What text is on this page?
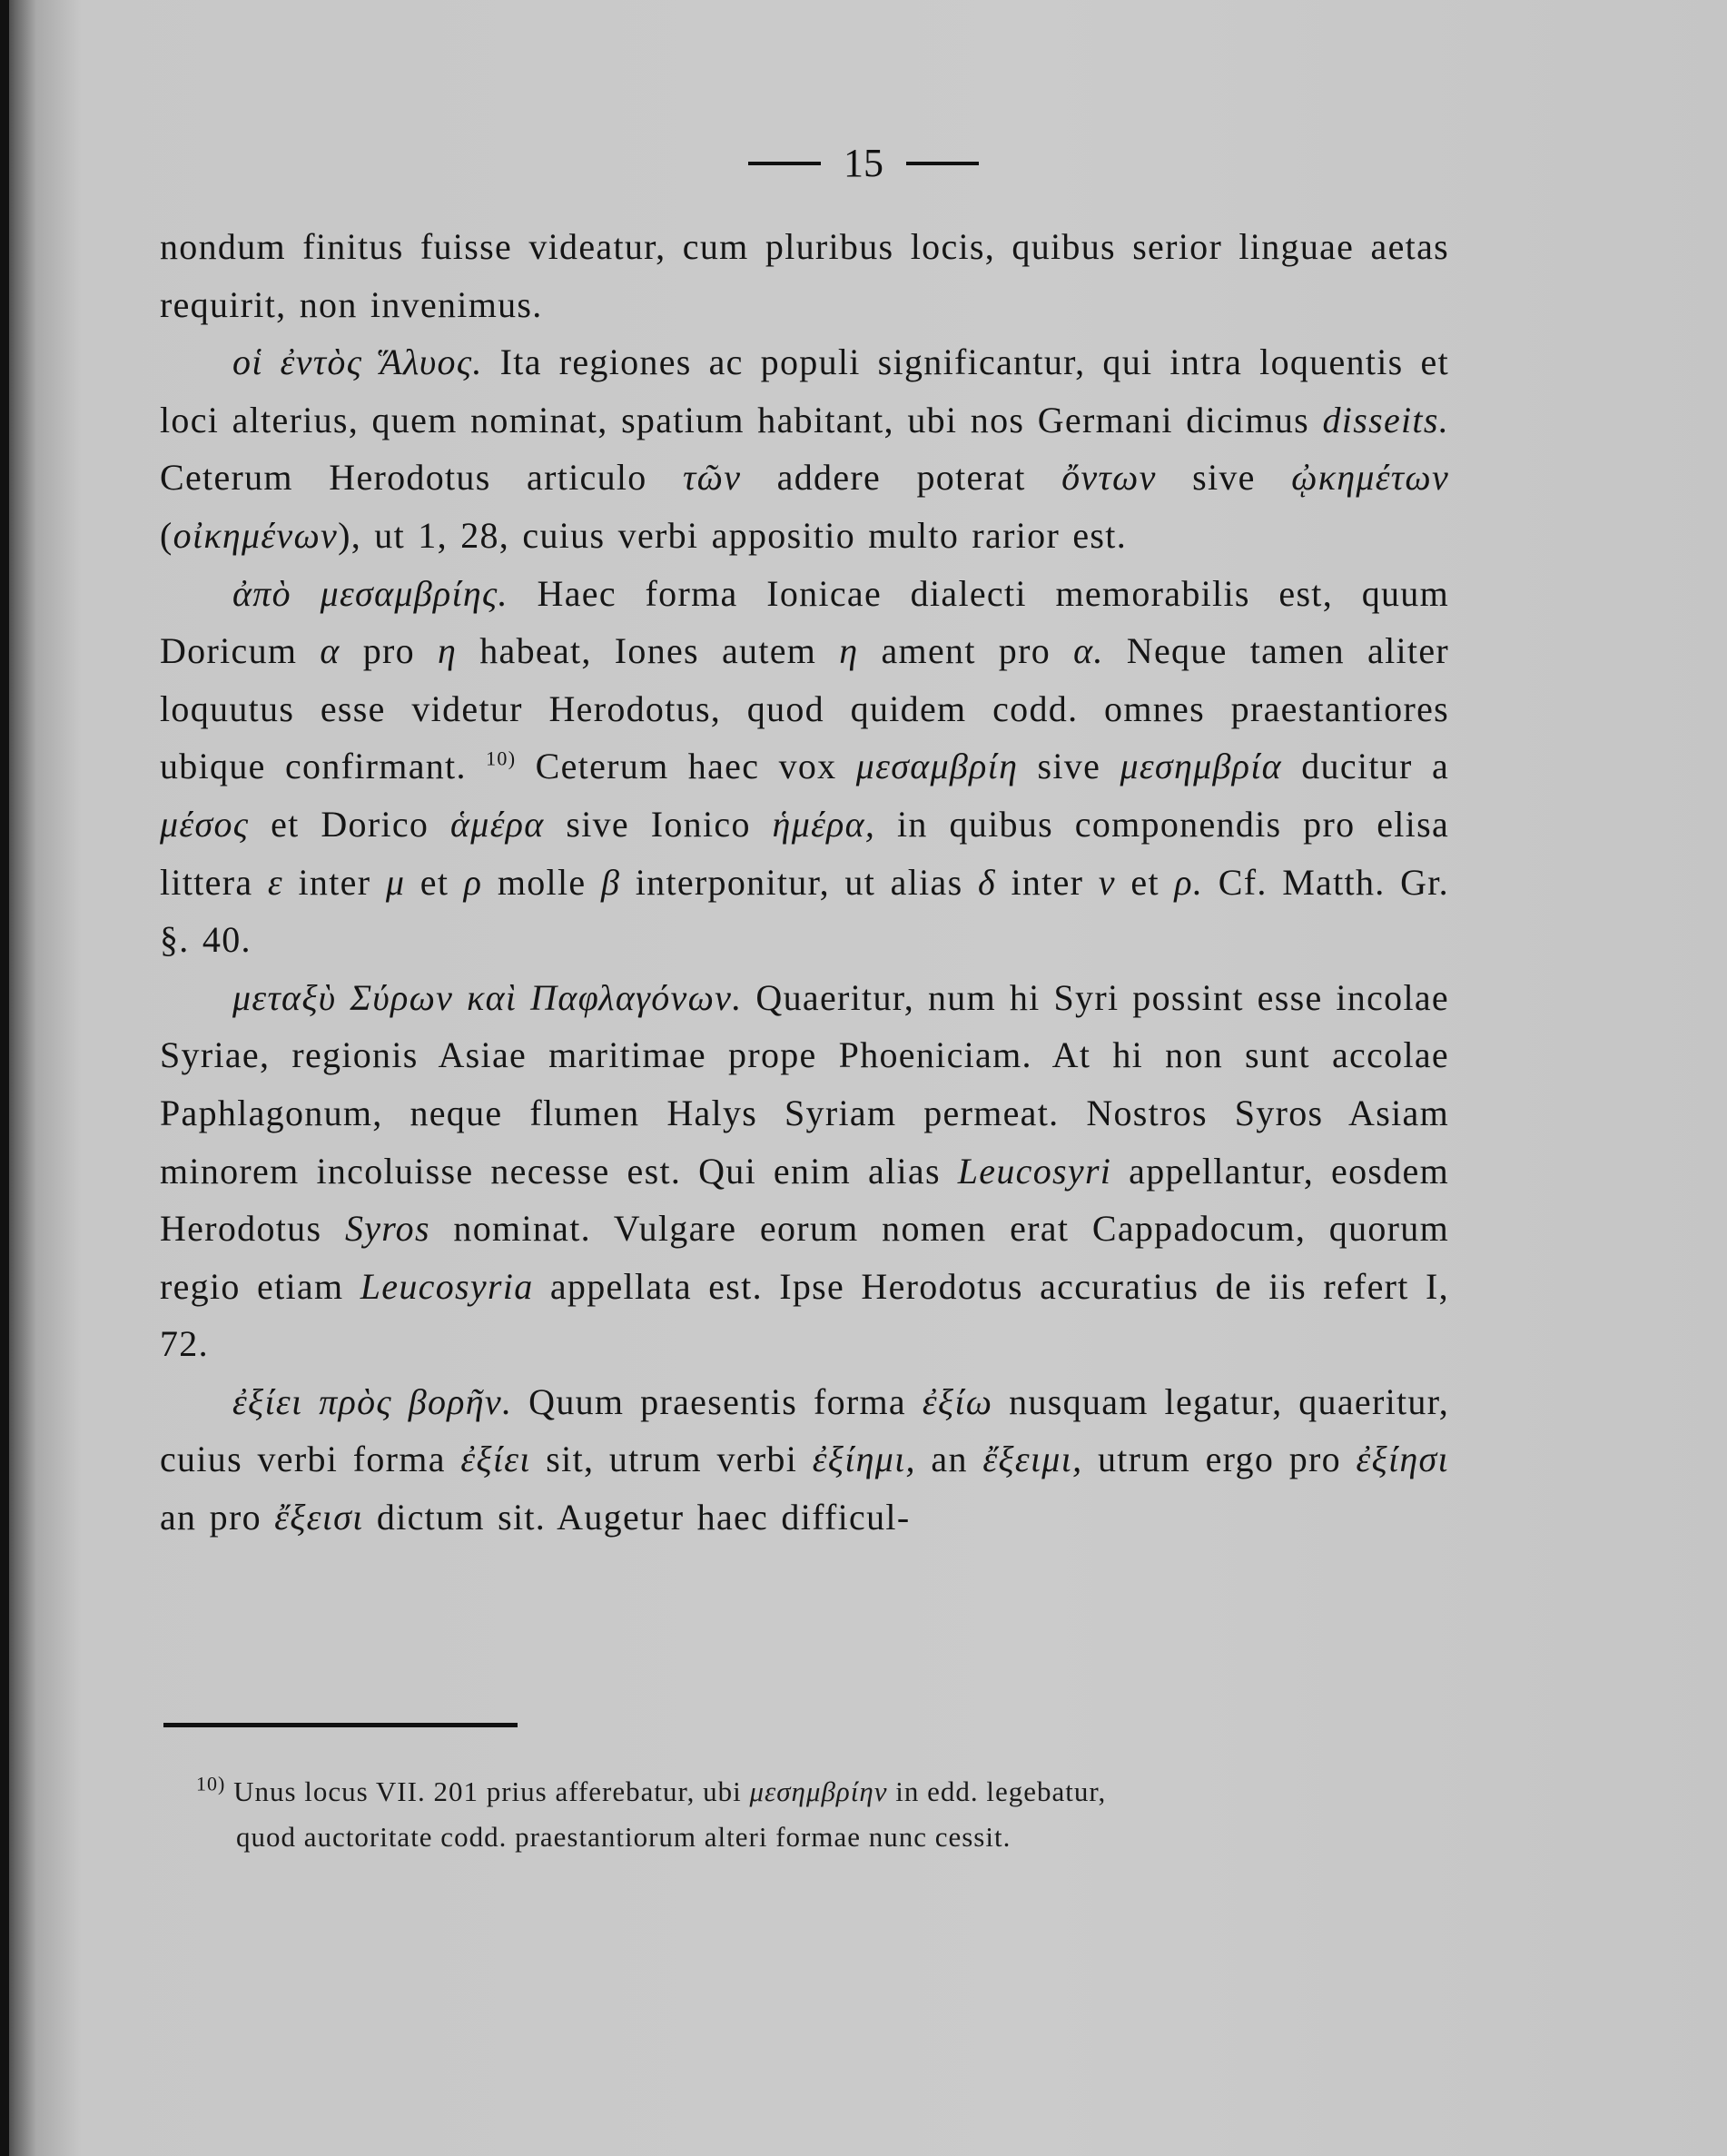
15

nondum finitus fuisse videatur, cum pluribus locis, quibus serior linguae aetas requirit, non invenimus.

οἱ ἐντὸς Ἅλυος. Ita regiones ac populi significantur, qui intra loquentis et loci alterius, quem nominat, spatium habitant, ubi nos Germani dicimus disseits. Ceterum Herodotus articulo τῶν addere poterat ὄντων sive ᾠκημέτων (οἰκημένων), ut 1, 28, cuius verbi appositio multo rarior est.

ἀπὸ μεσαμβρίης. Haec forma Ionicae dialecti memorabilis est, quum Doricum α pro η habeat, Iones autem η ament pro α. Neque tamen aliter loquutus esse videtur Herodotus, quod quidem codd. omnes praestantiores ubique confirmant. $^{10)}$ Ceterum haec vox μεσαμβρίη sive μεσημβρία ducitur a μέσος et Dorico ἁμέρα sive Ionico ἡμέρα, in quibus componendis pro elisa littera ε inter μ et ρ molle β interponitur, ut alias δ inter ν et ρ. Cf. Matth. Gr. §. 40.

μεταξὺ Σύρων καὶ Παφλαγόνων. Quaeritur, num hi Syri possint esse incolae Syriae, regionis Asiae maritimae prope Phoeniciam. At hi non sunt accolae Paphlagonum, neque flumen Halys Syriam permeat. Nostros Syros Asiam minorem incoluisse necesse est. Qui enim alias Leucosyri appellantur, eosdem Herodotus Syros nominat. Vulgare eorum nomen erat Cappadocum, quorum regio etiam Leucosyria appellata est. Ipse Herodotus accuratius de iis refert I, 72.

ἐξίει πρὸς βορῆν. Quum praesentis forma ἐξίω nusquam legatur, quaeritur, cuius verbi forma ἐξίει sit, utrum verbi ἐξίημι, an ἔξειμι, utrum ergo pro ἐξίησι an pro ἔξεισι dictum sit. Augetur haec difficul-

$^{10)}$ Unus locus VII. 201 prius afferebatur, ubi μεσημβρίην in edd. legebatur,

quod auctoritate codd. praestantiorum alteri formae nunc cessit.
